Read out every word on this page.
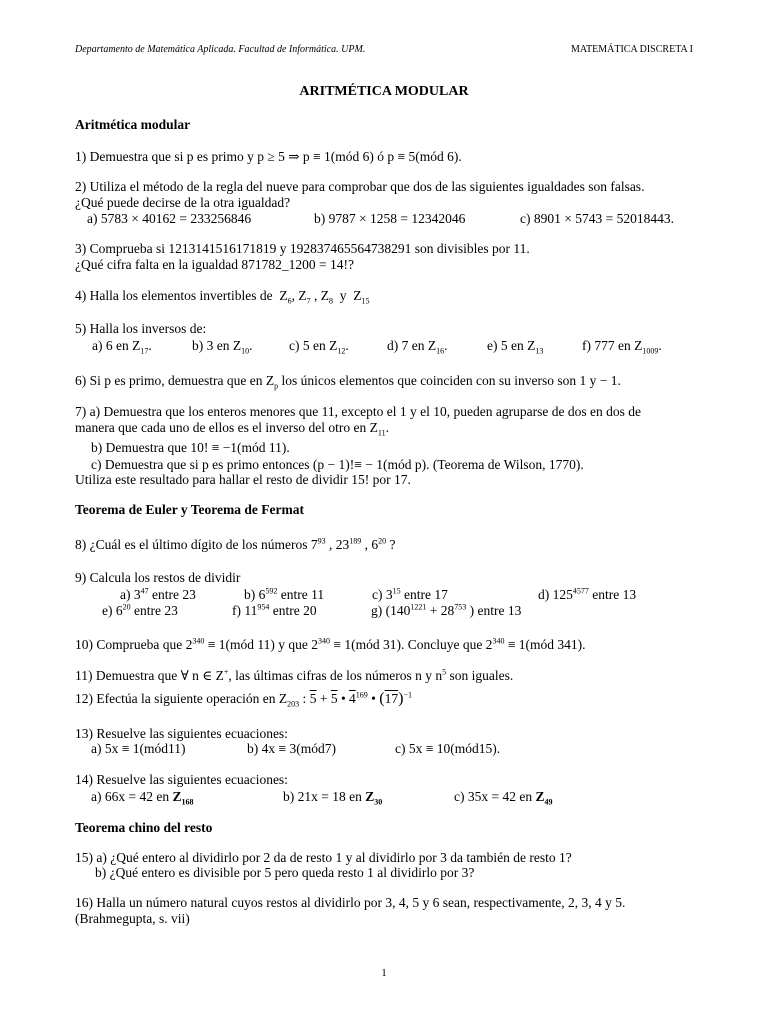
Departamento de Matemática Aplicada. Facultad de Informática. UPM.	MATEMÁTICA DISCRETA I
ARITMÉTICA MODULAR
Aritmética modular
1) Demuestra que si p es primo y p ≥ 5 ⇒ p ≡ 1(mód 6) ó p ≡ 5(mód 6).
2) Utiliza el método de la regla del nueve para comprobar que dos de las siguientes igualdades son falsas.
¿Qué puede decirse de la otra igualdad?
a) 5783 × 40162 = 233256846	b) 9787 × 1258 = 12342046	c) 8901 × 5743 = 52018443.
3) Comprueba si 1213141516171819 y 192837465564738291 son divisibles por 11.
¿Qué cifra falta en la igualdad 871782_1200 = 14!?
4) Halla los elementos invertibles de $Z_6$, $Z_7$ , $Z_8$ y $Z_{15}$
5) Halla los inversos de:
a) 6 en $Z_{17}$.	b) 3 en $Z_{10}$.	c) 5 en $Z_{12}$.	d) 7 en $Z_{16}$.	e) 5 en $Z_{13}$	f) 777 en $Z_{1009}$.
6) Si p es primo, demuestra que en $Z_p$ los únicos elementos que coinciden con su inverso son 1 y − 1.
7) a) Demuestra que los enteros menores que 11, excepto el 1 y el 10, pueden agruparse de dos en dos de
manera que cada uno de ellos es el inverso del otro en $Z_{11}$.
b) Demuestra que 10! ≡ −1(mód 11).
c) Demuestra que si p es primo entonces (p − 1)!≡ − 1(mód p). (Teorema de Wilson, 1770).
Utiliza este resultado para hallar el resto de dividir 15! por 17.
Teorema de Euler y Teorema de Fermat
8) ¿Cuál es el último dígito de los números $7^{93}$ , $23^{189}$ , $6^{20}$ ?
9) Calcula los restos de dividir
a) $3^{47}$ entre 23	b) $6^{592}$ entre 11	c) $3^{15}$ entre 17	d) $125^{4577}$ entre 13
e) $6^{20}$ entre 23	f) $11^{954}$ entre 20	g) ($140^{1221} + 28^{753}$ ) entre 13
10) Comprueba que $2^{340}$ ≡ 1(mód 11) y que $2^{340}$ ≡ 1(mód 31). Concluye que $2^{340}$ ≡ 1(mód 341).
11) Demuestra que ∀ n ∈ Z+, las últimas cifras de los números n y $n^5$ son iguales.
12) Efectúa la siguiente operación en $Z_{203}$ : 5 + 5 • $4^{169}$ • $(17)^{-1}$
13) Resuelve las siguientes ecuaciones:
a) 5x ≡ 1(mód11)	b) 4x ≡ 3(mód7)	c) 5x ≡ 10(mód15).
14) Resuelve las siguientes ecuaciones:
a) 66x = 42 en $Z_{168}$	b) 21x = 18 en $Z_{30}$	c) 35x = 42 en $Z_{49}$
Teorema chino del resto
15) a) ¿Qué entero al dividirlo por 2 da de resto 1 y al dividirlo por 3 da también de resto 1?
b) ¿Qué entero es divisible por 5 pero queda resto 1 al dividirlo por 3?
16) Halla un número natural cuyos restos al dividirlo por 3, 4, 5 y 6 sean, respectivamente, 2, 3, 4 y 5.
(Brahmegupta, s. vii)
1
